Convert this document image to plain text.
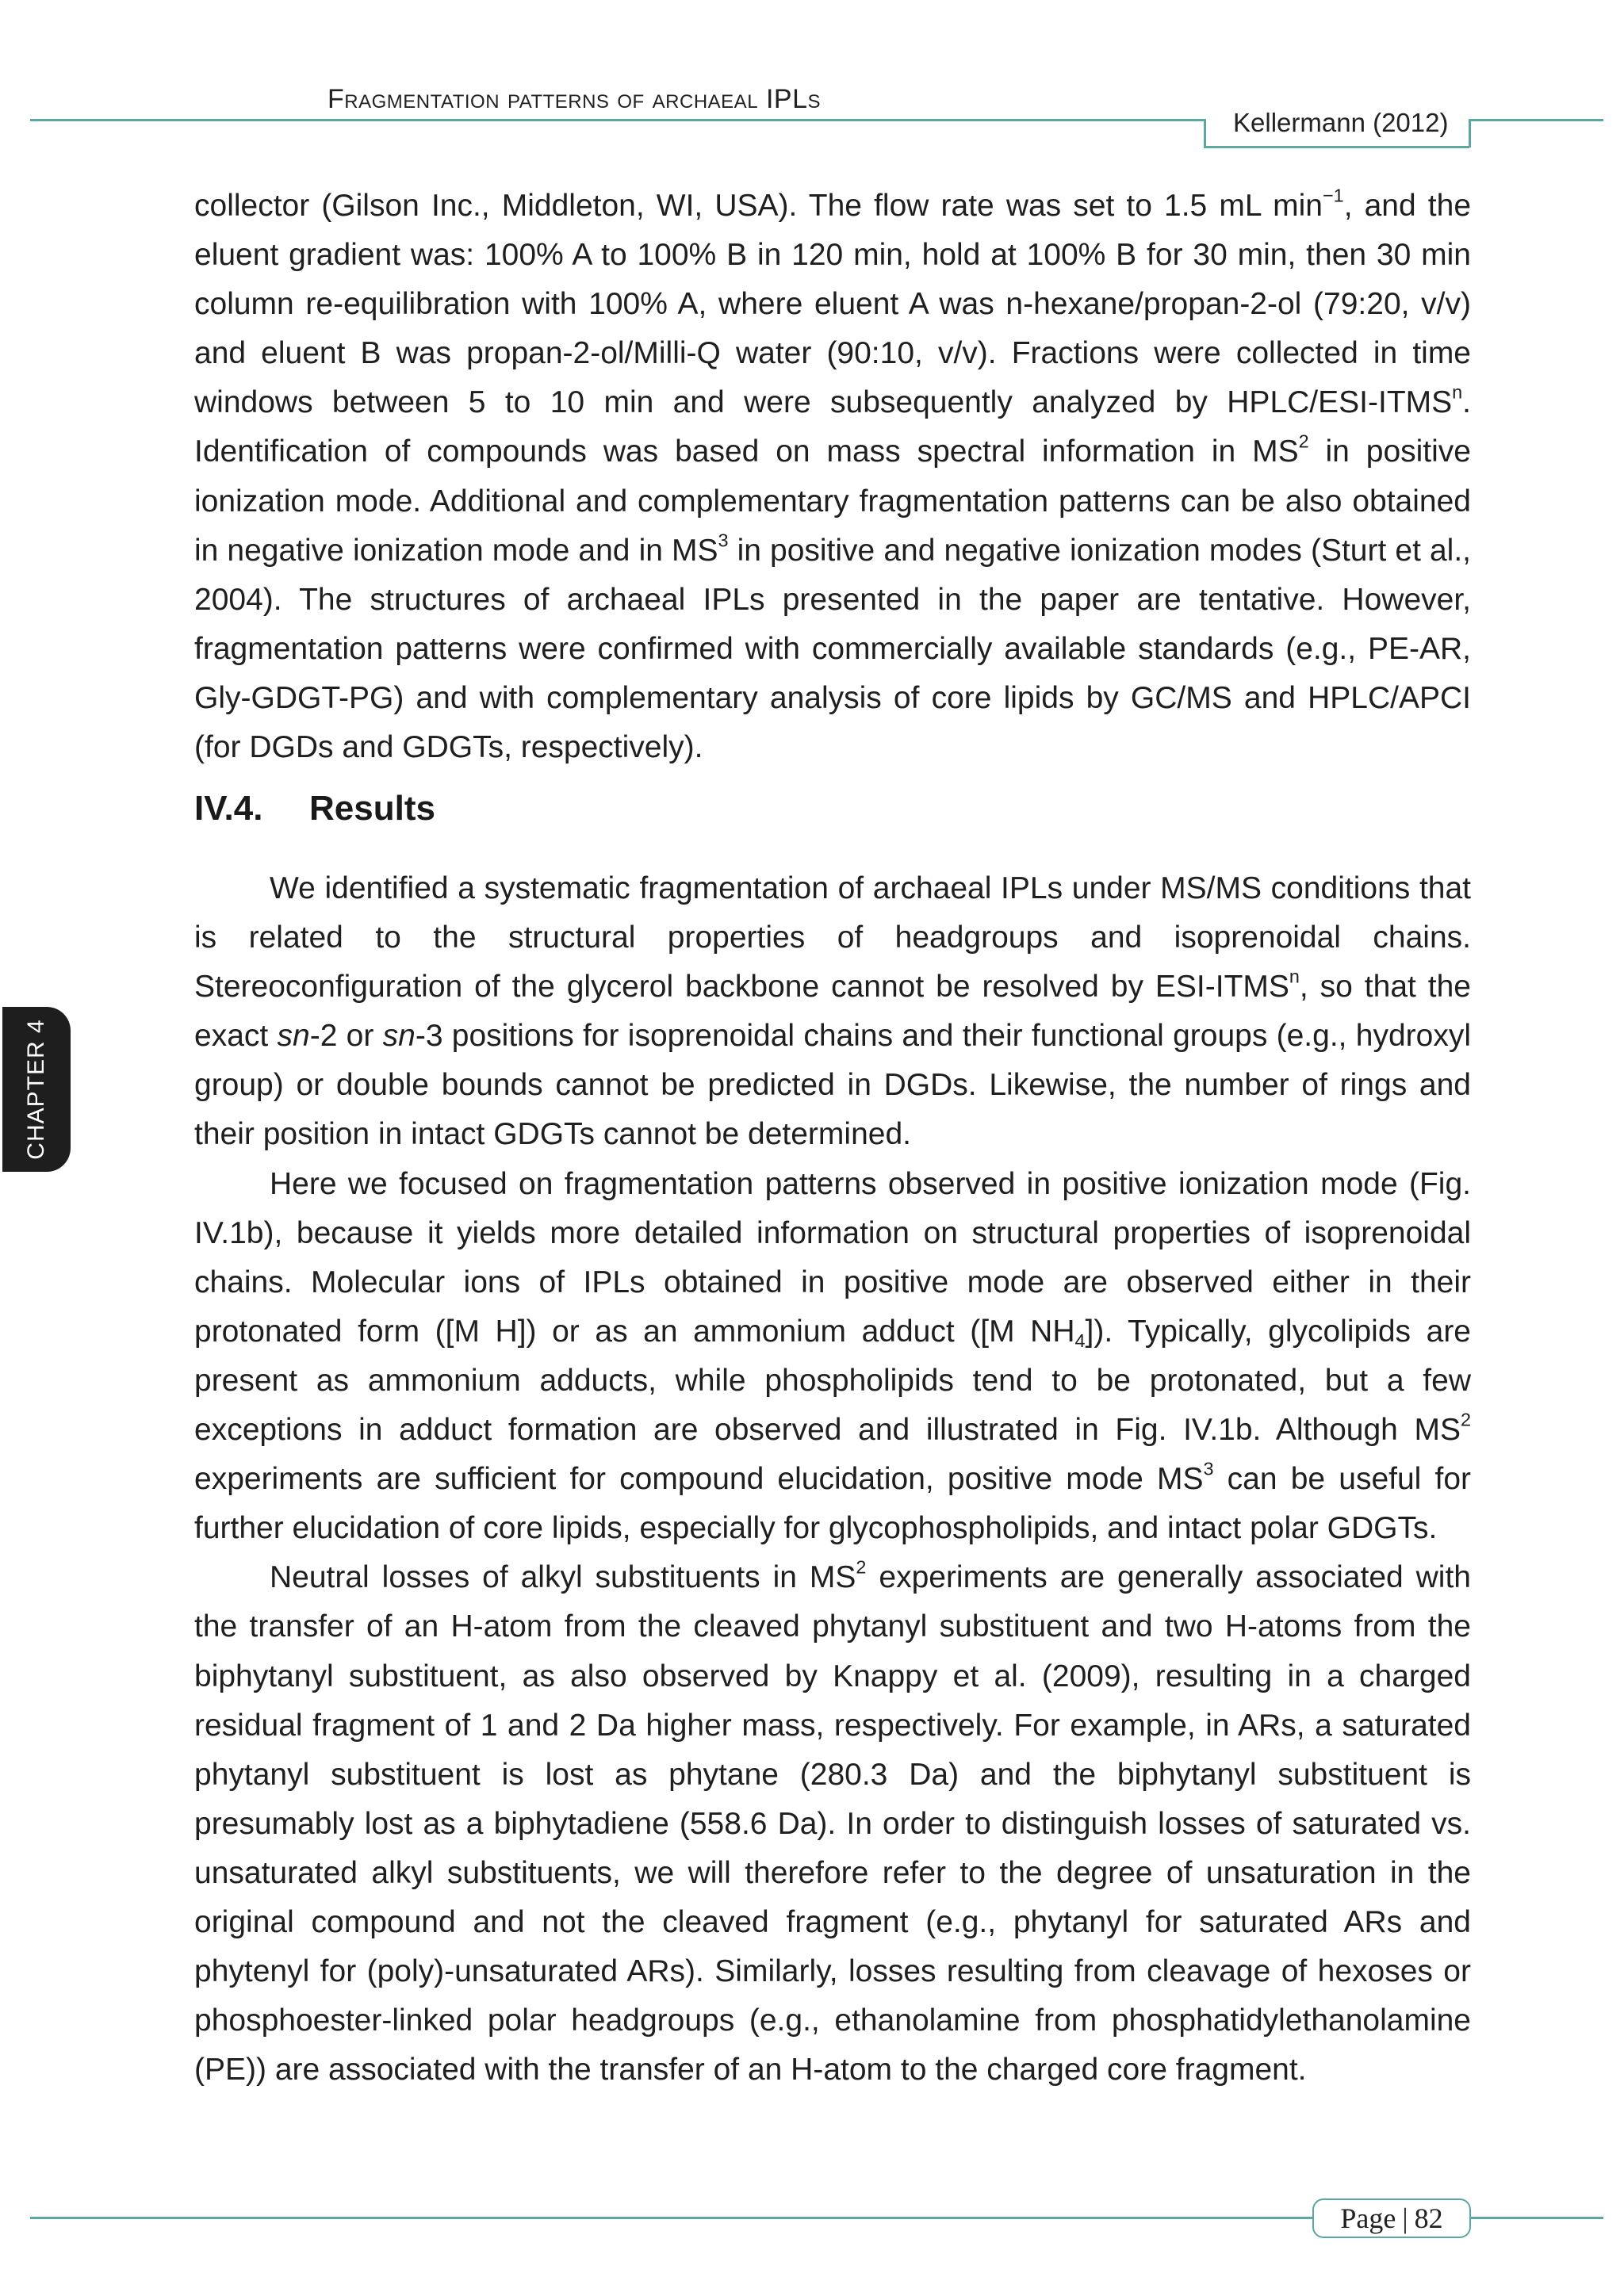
Fragmentation patterns of archaeal IPLs
Kellermann (2012)

collector (Gilson Inc., Middleton, WI, USA). The flow rate was set to 1.5 mL $\min^{-1}$, and the eluent gradient was: 100% A to 100% B in 120 min, hold at 100% B for 30 min, then 30 min column re-equilibration with 100% A, where eluent A was n-hexane/propan-2-ol (79:20, v/v) and eluent B was propan-2-ol/Milli-Q water (90:10, v/v). Fractions were collected in time windows between 5 to 10 min and were subsequently analyzed by HPLC/ESI-ITMS$^n$. Identification of compounds was based on mass spectral information in $MS^2$ in positive ionization mode. Additional and complementary fragmentation patterns can be also obtained in negative ionization mode and in $MS^3$ in positive and negative ionization modes (Sturt et al., 2004). The structures of archaeal IPLs presented in the paper are tentative. However, fragmentation patterns were confirmed with commercially available standards (e.g., PE-AR, Gly-GDGT-PG) and with complementary analysis of core lipids by GC/MS and HPLC/APCI (for DGDs and GDGTs, respectively).

IV.4. Results

We identified a systematic fragmentation of archaeal IPLs under MS/MS conditions that is related to the structural properties of headgroups and isoprenoidal chains. Stereoconfiguration of the glycerol backbone cannot be resolved by ESI-ITMS$^n$, so that the exact sn-2 or sn-3 positions for isoprenoidal chains and their functional groups (e.g., hydroxyl group) or double bounds cannot be predicted in DGDs. Likewise, the number of rings and their position in intact GDGTs cannot be determined.

Here we focused on fragmentation patterns observed in positive ionization mode (Fig. IV.1b), because it yields more detailed information on structural properties of isoprenoidal chains. Molecular ions of IPLs obtained in positive mode are observed either in their protonated form ([M H]) or as an ammonium adduct ([M $NH_4$]). Typically, glycolipids are present as ammonium adducts, while phospholipids tend to be protonated, but a few exceptions in adduct formation are observed and illustrated in Fig. IV.1b. Although $MS^2$ experiments are sufficient for compound elucidation, positive mode $MS^3$ can be useful for further elucidation of core lipids, especially for glycophospholipids, and intact polar GDGTs.

Neutral losses of alkyl substituents in $MS^2$ experiments are generally associated with the transfer of an H-atom from the cleaved phytanyl substituent and two H-atoms from the biphytanyl substituent, as also observed by Knappy et al. (2009), resulting in a charged residual fragment of 1 and 2 Da higher mass, respectively. For example, in ARs, a saturated phytanyl substituent is lost as phytane (280.3 Da) and the biphytanyl substituent is presumably lost as a biphytadiene (558.6 Da). In order to distinguish losses of saturated vs. unsaturated alkyl substituents, we will therefore refer to the degree of unsaturation in the original compound and not the cleaved fragment (e.g., phytanyl for saturated ARs and phytenyl for (poly)-unsaturated ARs). Similarly, losses resulting from cleavage of hexoses or phosphoester-linked polar headgroups (e.g., ethanolamine from phosphatidylethanolamine (PE)) are associated with the transfer of an H-atom to the charged core fragment.

CHAPTER 4
Page | 82
